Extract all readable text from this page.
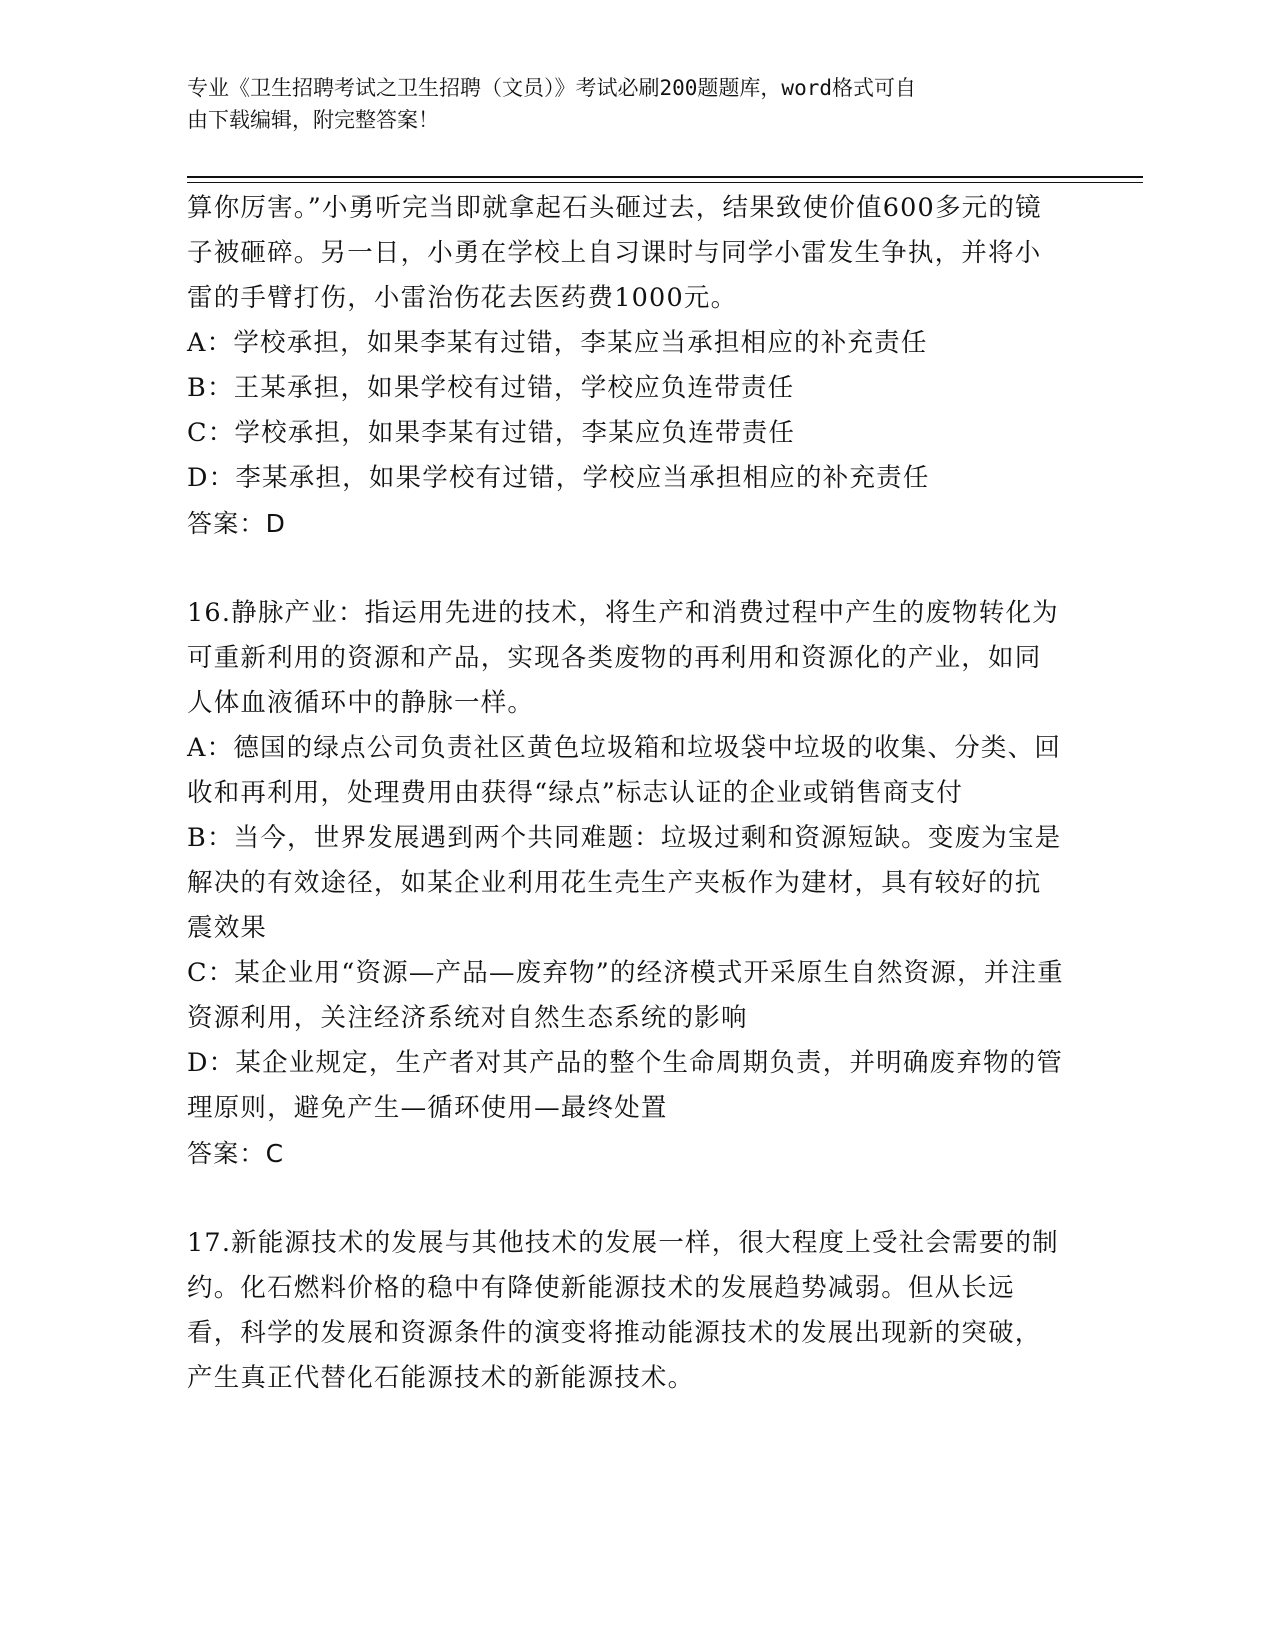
专业《卫生招聘考试之卫生招聘（文员）》考试必刷200题题库，word格式可自
由下载编辑，附完整答案！

算你厉害。”小勇听完当即就拿起石头砸过去，结果致使价值600多元的镜子被砸碎。另一日，小勇在学校上自习课时与同学小雷发生争执，并将小雷的手臂打伤，小雷治伤花去医药费1000元。

A：学校承担，如果李某有过错，李某应当承担相应的补充责任

B：王某承担，如果学校有过错，学校应负连带责任

C：学校承担，如果李某有过错，李某应负连带责任

D：李某承担，如果学校有过错，学校应当承担相应的补充责任

答案：D

16.静脉产业：指运用先进的技术，将生产和消费过程中产生的废物转化为可重新利用的资源和产品，实现各类废物的再利用和资源化的产业，如同人体血液循环中的静脉一样。

A：德国的绿点公司负责社区黄色垃圾箱和垃圾袋中垃圾的收集、分类、回收和再利用，处理费用由获得“绿点”标志认证的企业或销售商支付

B：当今，世界发展遇到两个共同难题：垃圾过剩和资源短缺。变废为宝是解决的有效途径，如某企业利用花生壳生产夹板作为建材，具有较好的抗震效果

C：某企业用“资源—产品—废弃物”的经济模式开采原生自然资源，并注重资源利用，关注经济系统对自然生态系统的影响

D：某企业规定，生产者对其产品的整个生命周期负责，并明确废弃物的管理原则，避免产生—循环使用—最终处置

答案：C

17.新能源技术的发展与其他技术的发展一样，很大程度上受社会需要的制约。化石燃料价格的稳中有降使新能源技术的发展趋势减弱。但从长远看，科学的发展和资源条件的演变将推动能源技术的发展出现新的突破，产生真正代替化石能源技术的新能源技术。
